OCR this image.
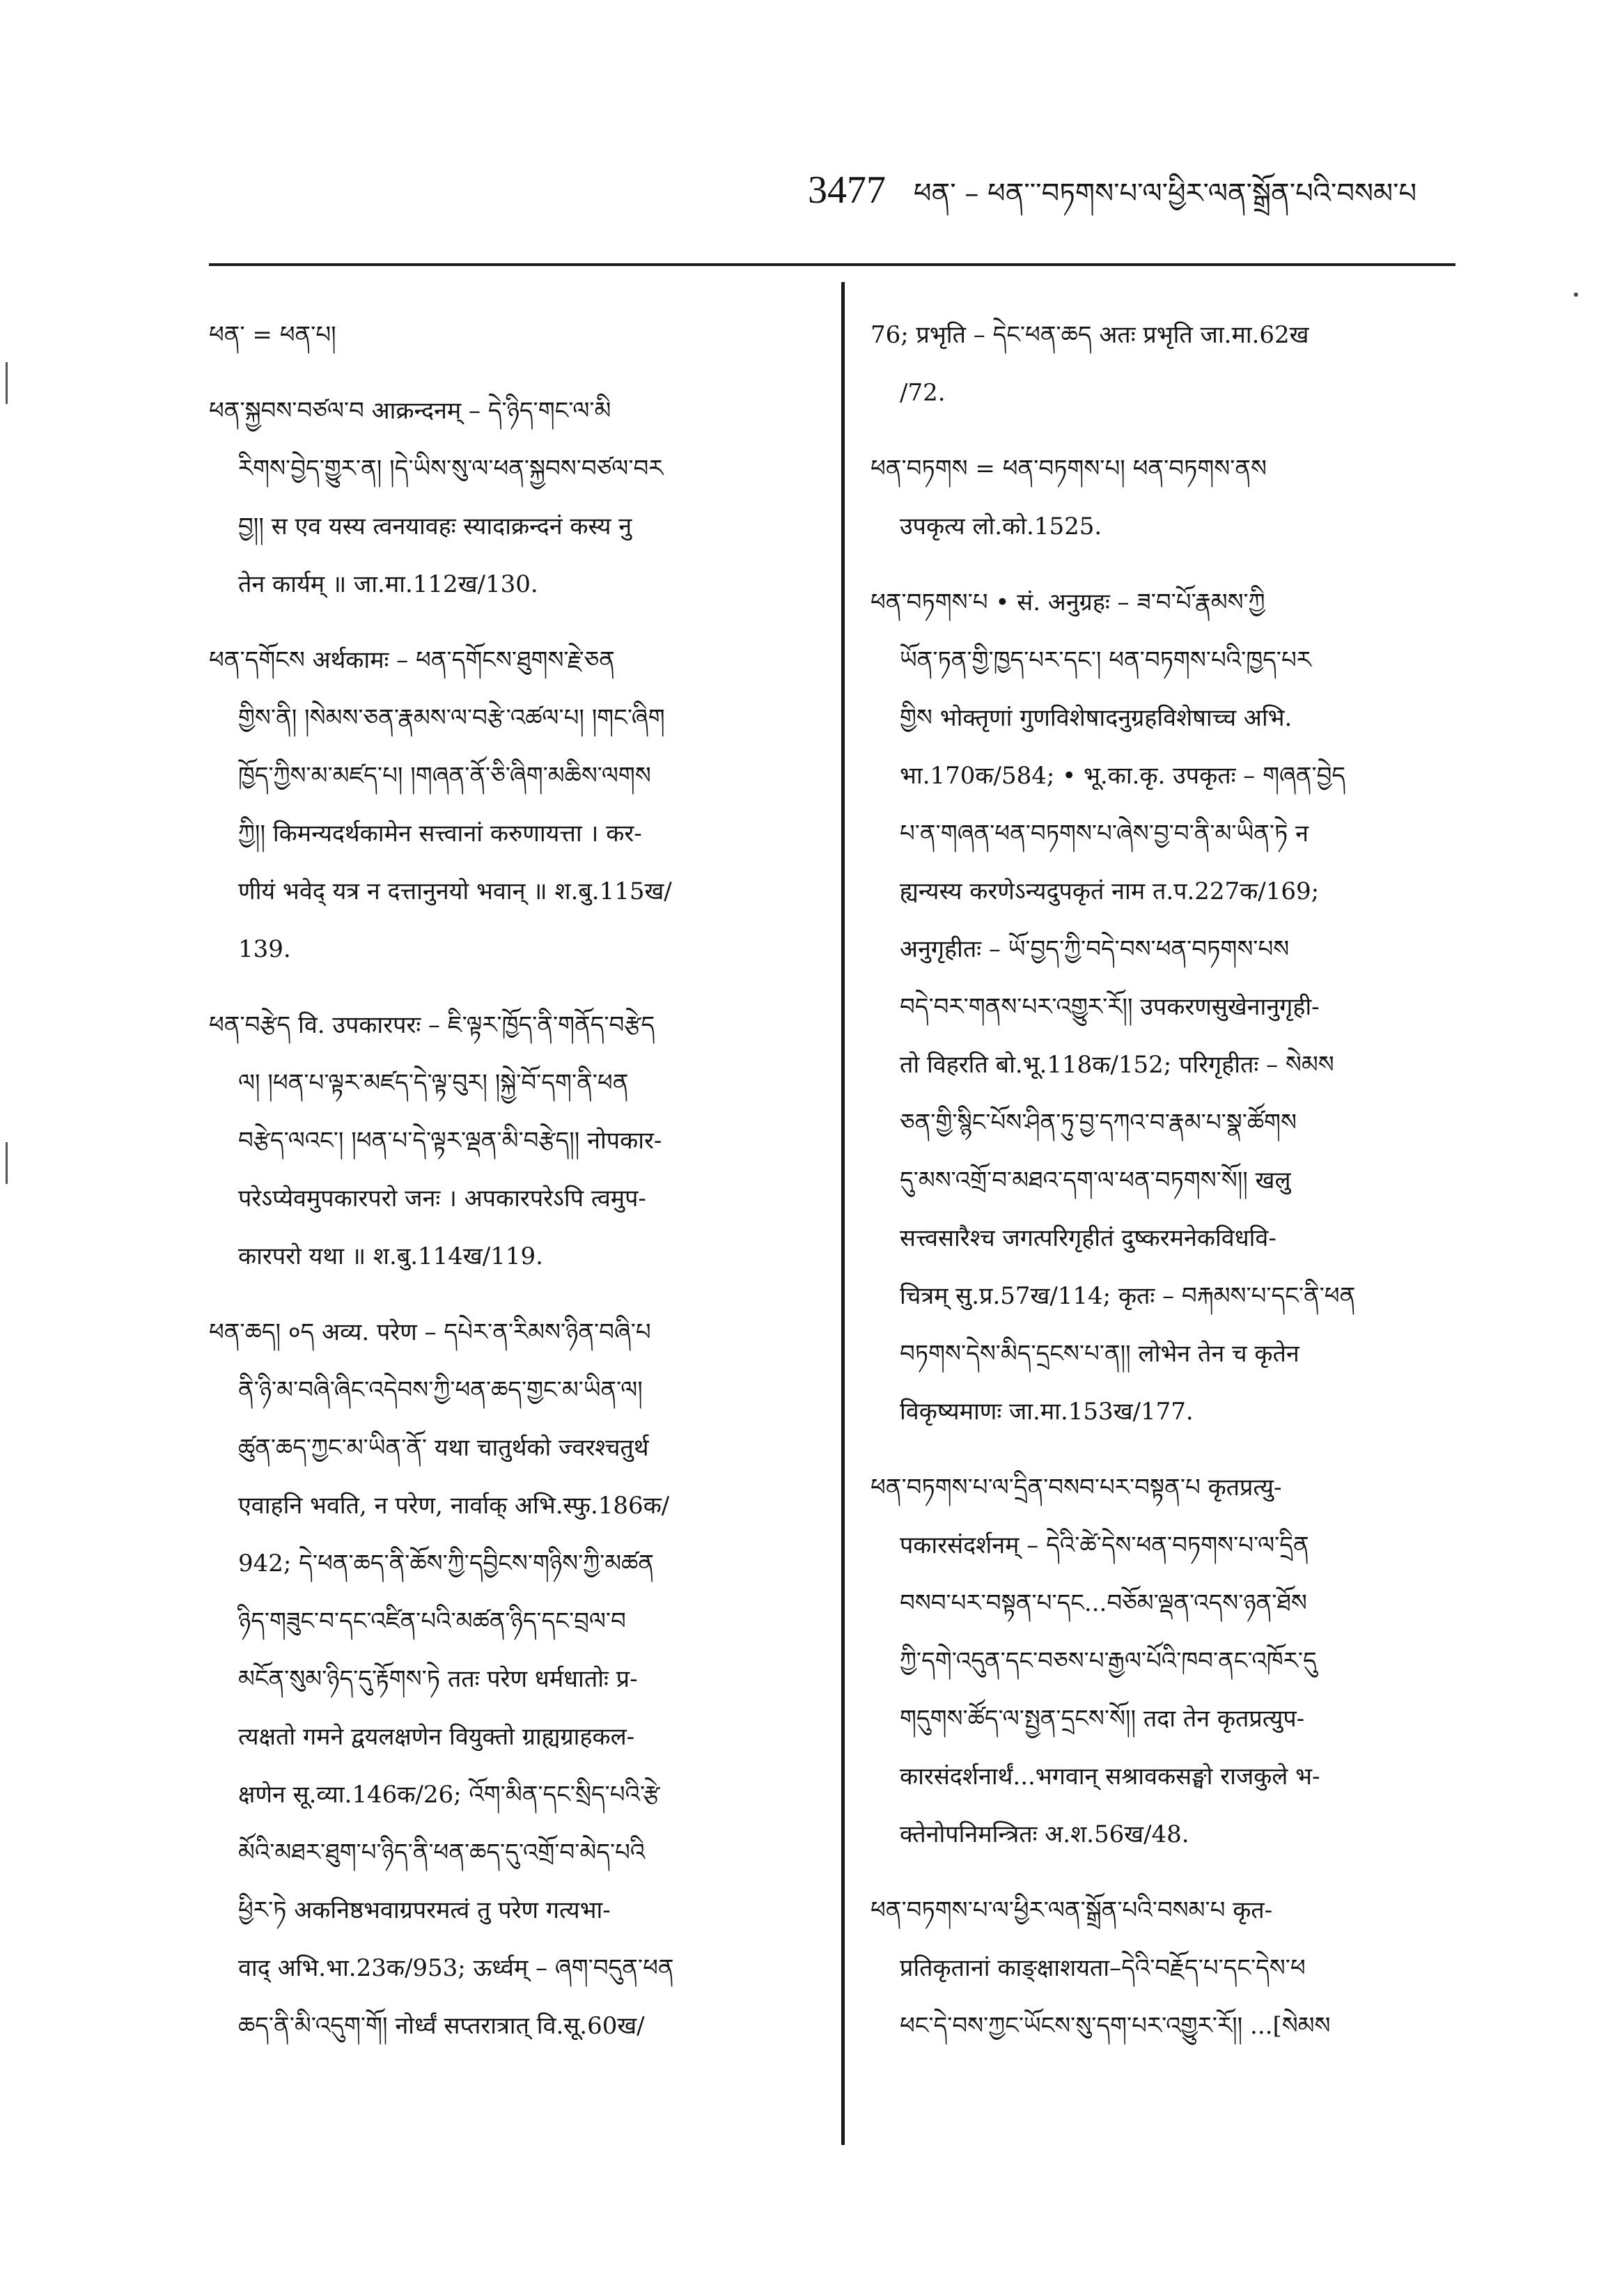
3477 ཕན་ – ཕན་་་བཏགས་པ་ལ་ཕྱིར་ལན་སྒྲོན་པའི་བསམ་པ
ཕན་ = ཕན་པ།
ཕན་སྐྱབས་བཙལ་བ आक्रन्दनम् – དེ་ཉིད་གང་ལ་མི
རིགས་བྱེད་གྱུར་ན། །དེ་ཡིས་སུ་ལ་ཕན་སྐྱབས་བཙལ་བར
བྱ།། स एव यस्य त्वनयावहः स्यादाक्रन्दनं कस्य नु
तेन कार्यम् ॥ जा.मा.112ख/130.
ཕན་དགོངས अर्थकामः – ཕན་དགོངས་ཐུགས་རྗེ་ཅན
གྱིས་ནི། །སེམས་ཅན་རྣམས་ལ་བརྩེ་འཚལ་པ། །གང་ཞིག
ཁྱོད་ཀྱིས་མ་མཛད་པ། །གཞན་ནོ་ཅི་ཞིག་མཆིས་ལགས
ཀྱི།། किमन्यदर्थकामेन सत्त्वानां करुणायत्ता । कर-
णीयं भवेद् यत्र न दत्तानुनयो भवान् ॥ श.बु.115ख/
139.
ཕན་བརྩེད वि. उपकारपरः – ཇི་ལྟར་ཁྱོད་ནི་གནོད་བརྩེད
ལ། །ཕན་པ་ལྟར་མཛད་དེ་ལྟ་བུར། །སྐྱེ་བོ་དག་ནི་ཕན
བརྩེད་ལའང་། །ཕན་པ་དེ་ལྟར་ལྡན་མི་བརྩེད།། नोपकार-
परेऽप्येवमुपकारपरो जनः । अपकारपरेऽपि त्वमुप-
कारपरो यथा ॥ श.बु.114ख/119.
ཕན་ཆད། ०ད अव्य. परेण – དཔེར་ན་རིམས་ཉིན་བཞི་པ
ནི་ཉི་མ་བཞི་ཞིང་འདེབས་ཀྱི་ཕན་ཆད་གྱང་མ་ཡིན་ལ།
ཚུན་ཆད་ཀྱང་མ་ཡིན་ནོ་ यथा चातुर्थको ज्वरश्चतुर्थ
एवाहनि भवति, न परेण, नार्वाक् अभि.स्फु.186क/
942; དེ་ཕན་ཆད་ནི་ཆོས་ཀྱི་དབྱིངས་གཉིས་ཀྱི་མཚན
ཉིད་གཟུང་བ་དང་འཛིན་པའི་མཚན་ཉིད་དང་བྲལ་བ
མངོན་སུམ་ཉིད་དུ་རྟོགས་ཏེ ततः परेण धर्मधातोः प्र-
त्यक्षतो गमने द्वयलक्षणेन वियुक्तो ग्राह्यग्राहकल-
क्षणेन सू.व्या.146क/26; འོག་མིན་དང་སྲིད་པའི་རྩེ
མོའི་མཐར་ཐུག་པ་ཉིད་ནི་ཕན་ཆད་དུ་འགྲོ་བ་མེད་པའི
ཕྱིར་ཏེ अकनिष्ठभवाग्रपरमत्वं तु परेण गत्यभा-
वाद् अभि.भा.23क/953; ऊर्ध्वम् – ཞག་བདུན་ཕན
ཆད་ནི་མི་འདུག་གོ། नोर्ध्वं सप्तरात्रात् वि.सू.60ख/
76; प्रभृति – དེང་ཕན་ཆད अतः प्रभृति जा.मा.62ख
/72.
ཕན་བཏགས = ཕན་བཏགས་པ། ཕན་བཏགས་ནས
उपकृत्य लो.को.1525.
ཕན་བཏགས་པ • सं. अनुग्रहः – ཟ་བ་པོ་རྣམས་ཀྱི
ཡོན་ཏན་གྱི་ཁྱད་པར་དང་། ཕན་བཏགས་པའི་ཁྱད་པར
གྱིས भोक्तृणां गुणविशेषादनुग्रहविशेषाच्च अभि.
भा.170क/584; • भू.का.कृ. उपकृतः – གཞན་བྱེད
པ་ན་གཞན་ཕན་བཏགས་པ་ཞེས་བྱ་བ་ནི་མ་ཡིན་ཏེ न
ह्यन्यस्य करणेऽन्यदुपकृतं नाम त.प.227क/169;
अनुगृहीतः – ཡོ་བྱད་ཀྱི་བདེ་བས་ཕན་བཏགས་པས
བདེ་བར་གནས་པར་འགྱུར་རོ།། उपकरणसुखेनानुगृही-
तो विहरति बो.भू.118क/152; परिगृहीतः – སེམས
ཅན་གྱི་སྙིང་པོས་ཤིན་ཏུ་བྱ་དཀའ་བ་རྣམ་པ་སྣ་ཚོགས
དུ་མས་འགྲོ་བ་མཐའ་དག་ལ་ཕན་བཏགས་སོ།། खलु
सत्त्वसारैश्च जगत्परिगृहीतं दुष्करमनेकविधवि-
चित्रम् सु.प्र.57ख/114; कृतः – བརྐམས་པ་དང་ནི་ཕན
བཏགས་དེས་མིད་དྲངས་པ་ན།། लोभेन तेन च कृतेन
विकृष्यमाणः जा.मा.153ख/177.
ཕན་བཏགས་པ་ལ་དྲིན་བསབ་པར་བསྟན་པ कृतप्रत्यु-
पकारसंदर्शनम् – དེའི་ཚེ་དེས་ཕན་བཏགས་པ་ལ་དྲིན
བསབ་པར་བསྟན་པ་དང...བཅོམ་ལྡན་འདས་ཉན་ཐོས
ཀྱི་དགེ་འདུན་དང་བཅས་པ་རྒྱལ་པོའི་ཁབ་ནང་འཁོར་དུ
གདུགས་ཚོད་ལ་སྤྱན་དྲངས་སོ།། तदा तेन कृतप्रत्युप-
कारसंदर्शनार्थं...भगवान् सश्रावकसङ्घो राजकुले भ-
क्तेनोपनिमन्त्रितः अ.श.56ख/48.
ཕན་བཏགས་པ་ལ་ཕྱིར་ལན་སྒྲོན་པའི་བསམ་པ कृत-
प्रतिकृतानां काङ्क्षाशयता–དེའི་བརྗོད་པ་དང་དེས་ཕ
ཕང་དེ་བས་ཀྱང་ཡོངས་སུ་དག་པར་འགྱུར་རོ།། ...[སེམས
